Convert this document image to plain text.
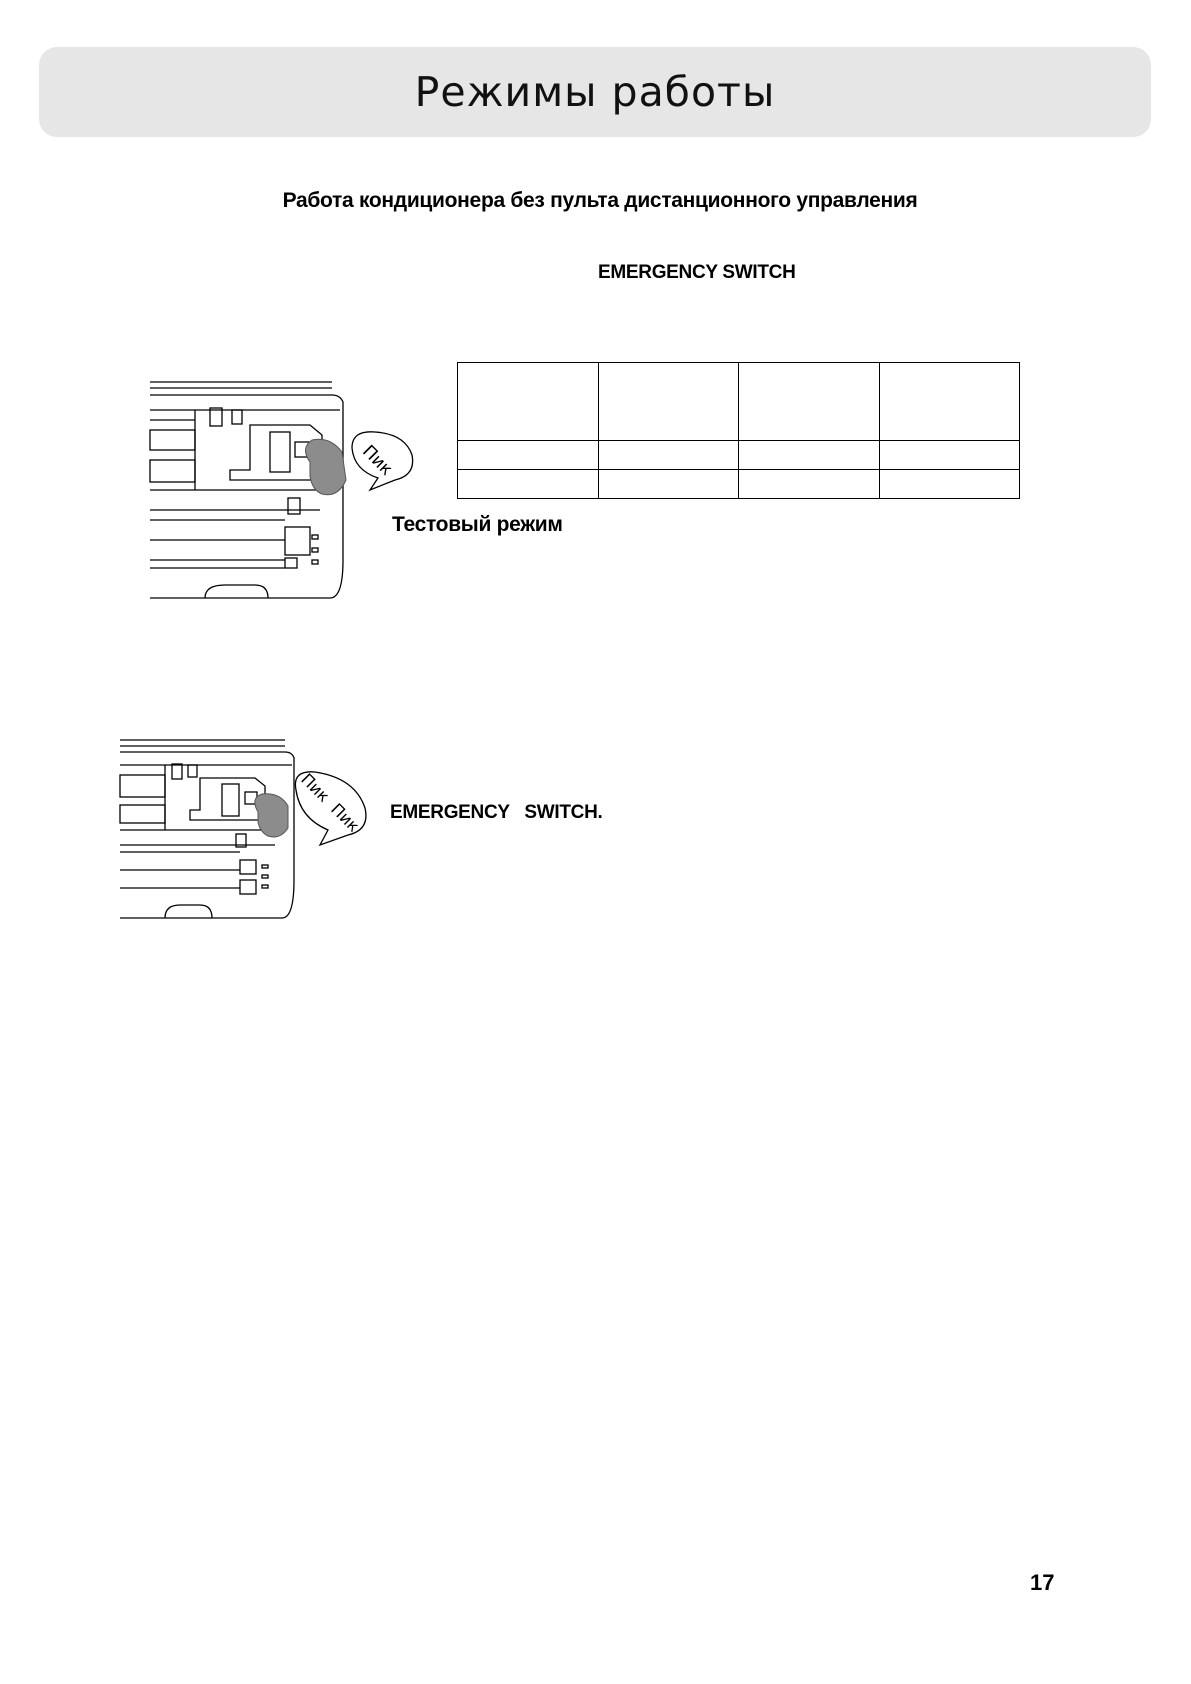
Режимы работы
Работа кондиционера без пульта дистанционного управления
EMERGENCY SWITCH

Тестовый режим
EMERGENCY   SWITCH.
Пик
Пик  Пик
17
